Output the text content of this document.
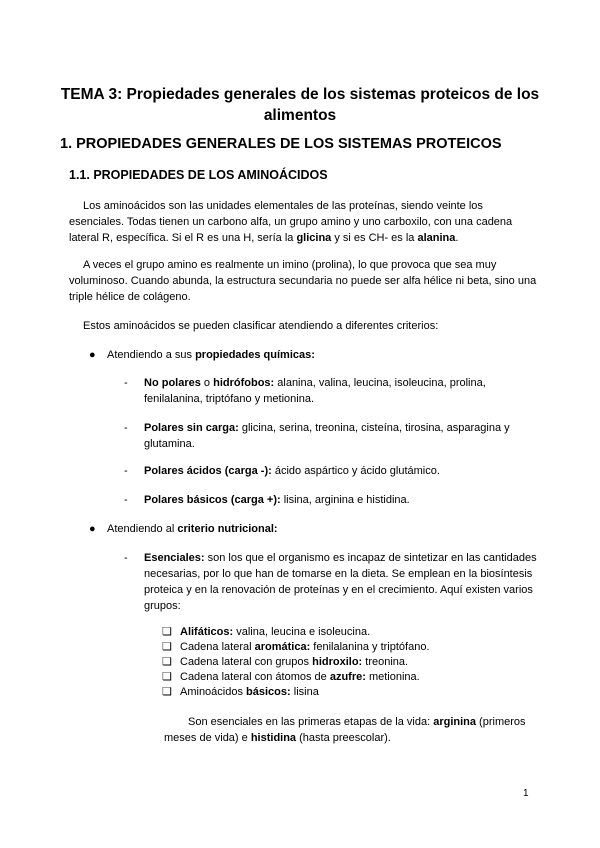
TEMA 3: Propiedades generales de los sistemas proteicos de los alimentos
1. PROPIEDADES GENERALES DE LOS SISTEMAS PROTEICOS
1.1. PROPIEDADES DE LOS AMINOÁCIDOS
Los aminoácidos son las unidades elementales de las proteínas, siendo veinte los esenciales. Todas tienen un carbono alfa, un grupo amino y uno carboxilo, con una cadena lateral R, específica. Si el R es una H, sería la glicina y si es CH- es la alanina.
A veces el grupo amino es realmente un imino (prolina), lo que provoca que sea muy voluminoso. Cuando abunda, la estructura secundaria no puede ser alfa hélice ni beta, sino una triple hélice de colágeno.
Estos aminoácidos se pueden clasificar atendiendo a diferentes criterios:
● Atendiendo a sus propiedades químicas:
- No polares o hidrófobos: alanina, valina, leucina, isoleucina, prolina, fenilalanina, triptófano y metionina.
- Polares sin carga: glicina, serina, treonina, cisteína, tirosina, asparagina y glutamina.
- Polares ácidos (carga -): ácido aspártico y ácido glutámico.
- Polares básicos (carga +): lisina, arginina e histidina.
● Atendiendo al criterio nutricional:
- Esenciales: son los que el organismo es incapaz de sintetizar en las cantidades necesarias, por lo que han de tomarse en la dieta. Se emplean en la biosíntesis proteica y en la renovación de proteínas y en el crecimiento. Aquí existen varios grupos:
❏ Alifáticos: valina, leucina e isoleucina.
❏ Cadena lateral aromática: fenilalanina y triptófano.
❏ Cadena lateral con grupos hidroxilo: treonina.
❏ Cadena lateral con átomos de azufre: metionina.
❏ Aminoácidos básicos: lisina
Son esenciales en las primeras etapas de la vida: arginina (primeros meses de vida) e histidina (hasta preescolar).
1
